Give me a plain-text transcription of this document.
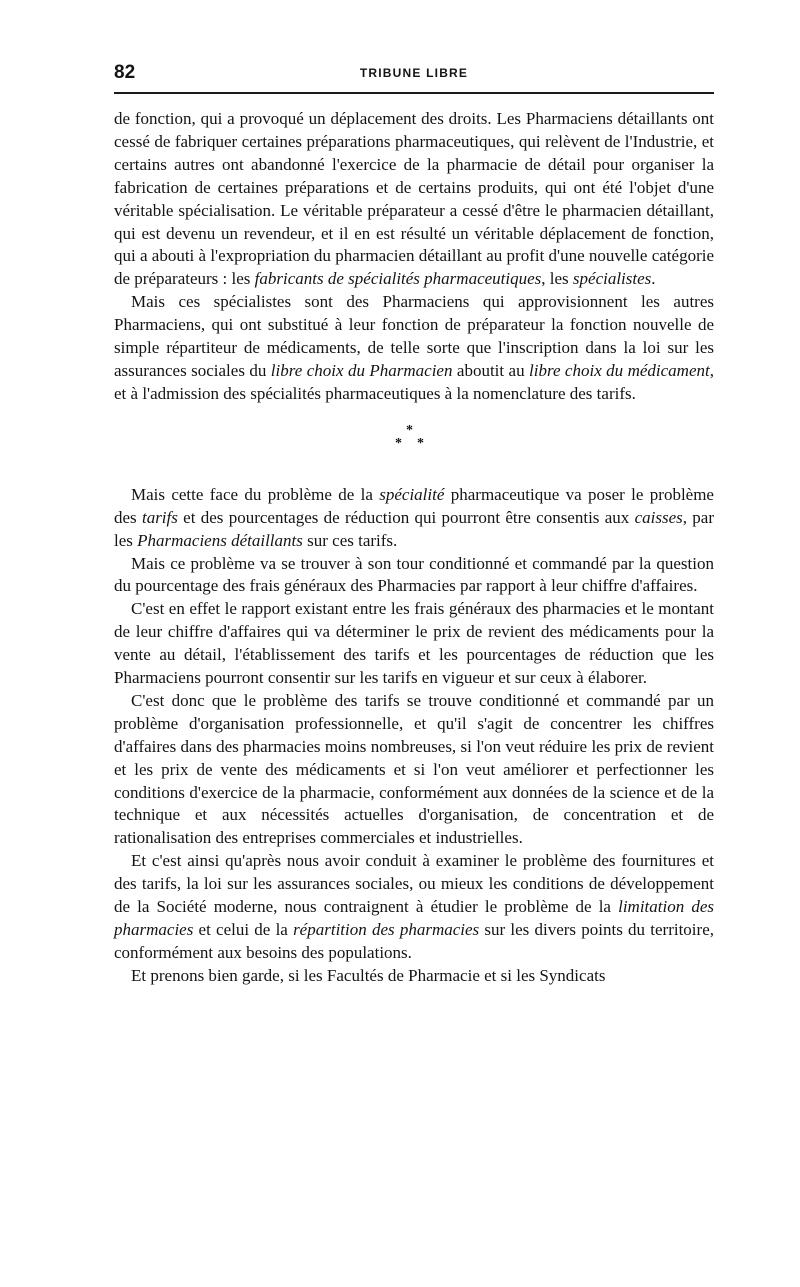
82	TRIBUNE LIBRE

de fonction, qui a provoqué un déplacement des droits. Les Pharmaciens détaillants ont cessé de fabriquer certaines préparations pharmaceutiques, qui relèvent de l'Industrie, et certains autres ont abandonné l'exercice de la pharmacie de détail pour organiser la fabrication de certaines préparations et de certains produits, qui ont été l'objet d'une véritable spécialisation. Le véritable préparateur a cessé d'être le pharmacien détaillant, qui est devenu un revendeur, et il en est résulté un véritable déplacement de fonction, qui a abouti à l'expropriation du pharmacien détaillant au profit d'une nouvelle catégorie de préparateurs : les fabricants de spécialités pharmaceutiques, les spécialistes.

Mais ces spécialistes sont des Pharmaciens qui approvisionnent les autres Pharmaciens, qui ont substitué à leur fonction de préparateur la fonction nouvelle de simple répartiteur de médicaments, de telle sorte que l'inscription dans la loi sur les assurances sociales du libre choix du Pharmacien aboutit au libre choix du médicament, et à l'admission des spécialités pharmaceutiques à la nomenclature des tarifs.

*
* *

Mais cette face du problème de la spécialité pharmaceutique va poser le problème des tarifs et des pourcentages de réduction qui pourront être consentis aux caisses, par les Pharmaciens détaillants sur ces tarifs.

Mais ce problème va se trouver à son tour conditionné et commandé par la question du pourcentage des frais généraux des Pharmacies par rapport à leur chiffre d'affaires.

C'est en effet le rapport existant entre les frais généraux des pharmacies et le montant de leur chiffre d'affaires qui va déterminer le prix de revient des médicaments pour la vente au détail, l'établissement des tarifs et les pourcentages de réduction que les Pharmaciens pourront consentir sur les tarifs en vigueur et sur ceux à élaborer.

C'est donc que le problème des tarifs se trouve conditionné et commandé par un problème d'organisation professionnelle, et qu'il s'agit de concentrer les chiffres d'affaires dans des pharmacies moins nombreuses, si l'on veut réduire les prix de revient et les prix de vente des médicaments et si l'on veut améliorer et perfectionner les conditions d'exercice de la pharmacie, conformément aux données de la science et de la technique et aux nécessités actuelles d'organisation, de concentration et de rationalisation des entreprises commerciales et industrielles.

Et c'est ainsi qu'après nous avoir conduit à examiner le problème des fournitures et des tarifs, la loi sur les assurances sociales, ou mieux les conditions de développement de la Société moderne, nous contraignent à étudier le problème de la limitation des pharmacies et celui de la répartition des pharmacies sur les divers points du territoire, conformément aux besoins des populations.

Et prenons bien garde, si les Facultés de Pharmacie et si les Syndicats
